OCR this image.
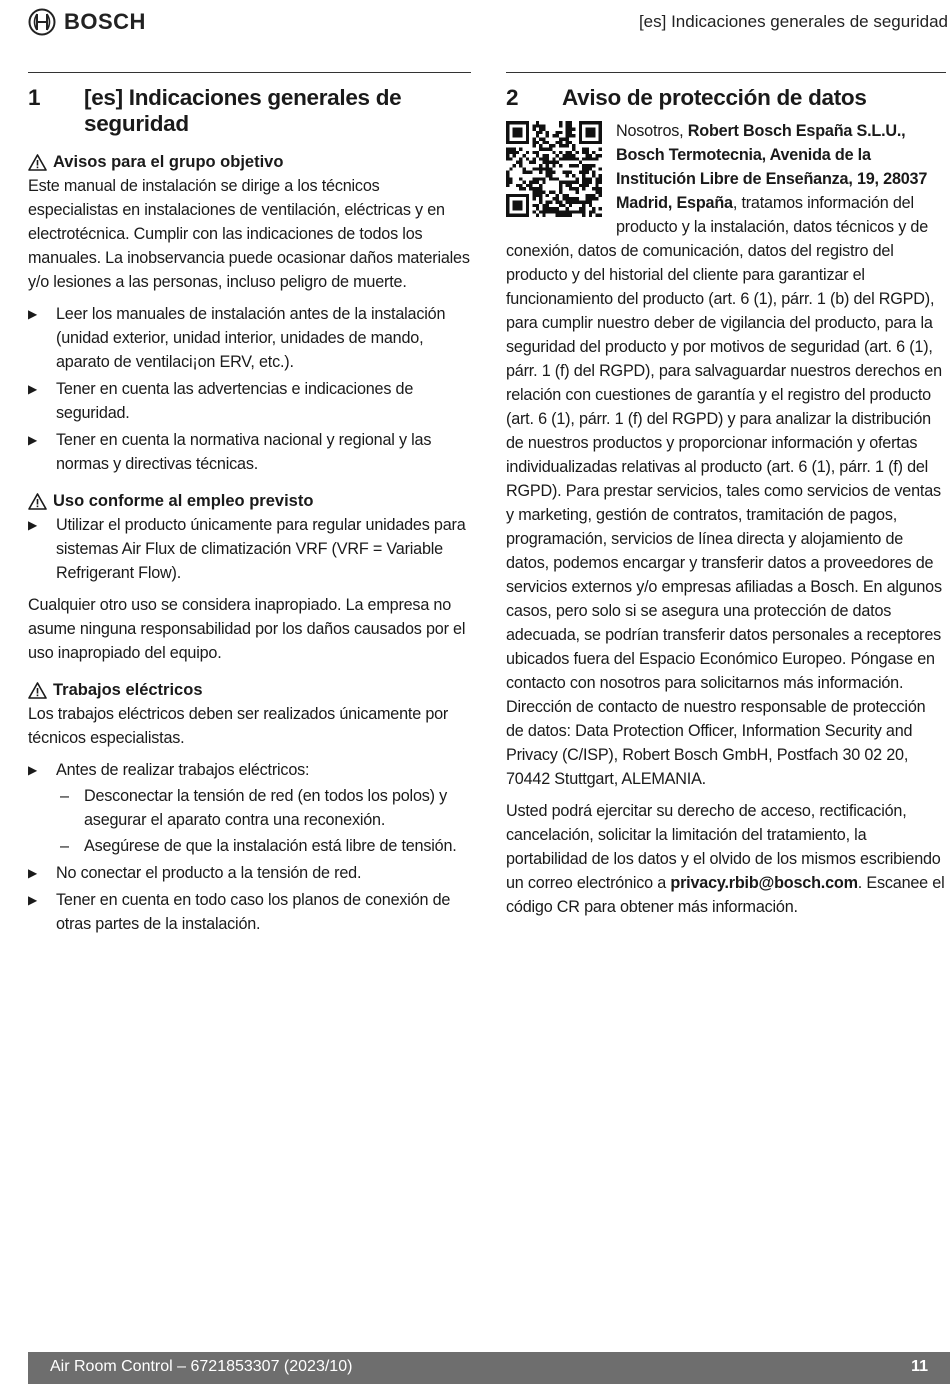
BOSCH	[es] Indicaciones generales de seguridad
1	[es] Indicaciones generales de seguridad
Avisos para el grupo objetivo

Este manual de instalación se dirige a los técnicos especialistas en instalaciones de ventilación, eléctricas y en electrotécnica. Cumplir con las indicaciones de todos los manuales. La inobservancia puede ocasionar daños materiales y/o lesiones a las personas, incluso peligro de muerte.

▶ Leer los manuales de instalación antes de la instalación (unidad exterior, unidad interior, unidades de mando, aparato de ventilaci¡on ERV, etc.).
▶ Tener en cuenta las advertencias e indicaciones de seguridad.
▶ Tener en cuenta la normativa nacional y regional y las normas y directivas técnicas.
Uso conforme al empleo previsto
▶ Utilizar el producto únicamente para regular unidades para sistemas Air Flux de climatización VRF (VRF = Variable Refrigerant Flow).

Cualquier otro uso se considera inapropiado. La empresa no asume ninguna responsabilidad por los daños causados por el uso inapropiado del equipo.

Trabajos eléctricos

Los trabajos eléctricos deben ser realizados únicamente por técnicos especialistas.

▶ Antes de realizar trabajos eléctricos:
– Desconectar la tensión de red (en todos los polos) y asegurar el aparato contra una reconexión.
– Asegúrese de que la instalación está libre de tensión.
▶ No conectar el producto a la tensión de red.
▶ Tener en cuenta en todo caso los planos de conexión de otras partes de la instalación.
2	Aviso de protección de datos

Nosotros, Robert Bosch España S.L.U., Bosch Termotecnia, Avenida de la Institución Libre de Enseñanza, 19, 28037 Madrid, España, tratamos información del producto y la instalación, datos técnicos y de conexión, datos de comunicación, datos del registro del producto y del historial del cliente para garantizar el funcionamiento del producto (art. 6 (1), párr. 1 (b) del RGPD), para cumplir nuestro deber de vigilancia del producto, para la seguridad del producto y por motivos de seguridad (art. 6 (1), párr. 1 (f) del RGPD), para salvaguardar nuestros derechos en relación con cuestiones de garantía y el registro del producto (art. 6 (1), párr. 1 (f) del RGPD) y para analizar la distribución de nuestros productos y proporcionar información y ofertas individualizadas relativas al producto (art. 6 (1), párr. 1 (f) del RGPD). Para prestar servicios, tales como servicios de ventas y marketing, gestión de contratos, tramitación de pagos, programación, servicios de línea directa y alojamiento de datos, podemos encargar y transferir datos a proveedores de servicios externos y/o empresas afiliadas a Bosch. En algunos casos, pero solo si se asegura una protección de datos adecuada, se podrían transferir datos personales a receptores ubicados fuera del Espacio Económico Europeo. Póngase en contacto con nosotros para solicitarnos más información. Dirección de contacto de nuestro responsable de protección de datos: Data Protection Officer, Information Security and Privacy (C/ISP), Robert Bosch GmbH, Postfach 30 02 20, 70442 Stuttgart, ALEMANIA.

Usted podrá ejercitar su derecho de acceso, rectificación, cancelación, solicitar la limitación del tratamiento, la portabilidad de los datos y el olvido de los mismos escribiendo un correo electrónico a privacy.rbib@bosch.com. Escanee el código CR para obtener más información.

Air Room Control – 6721853307 (2023/10)	11
